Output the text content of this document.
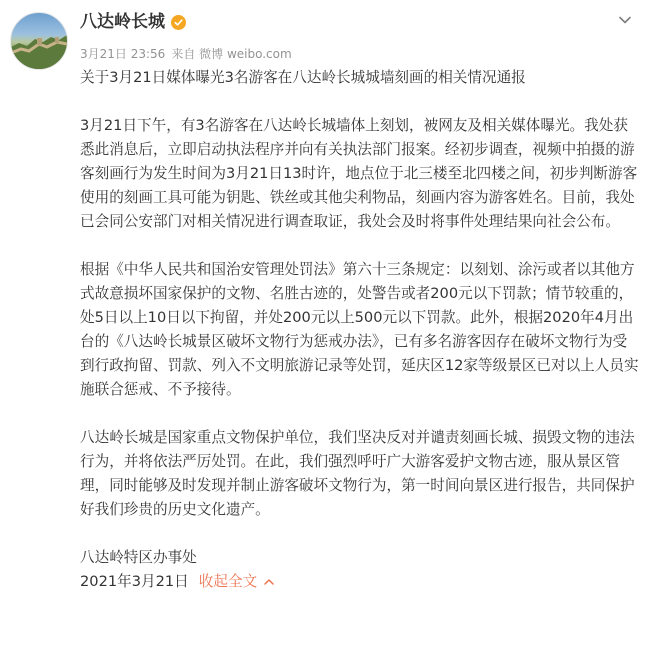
八达岭长城
3月21日 23:56 来自 微博 weibo.com

关于3月21日媒体曝光3名游客在八达岭长城城墙刻画的相关情况通报

3月21日下午，有3名游客在八达岭长城墙体上刻划，被网友及相关媒体曝光。我处获悉此消息后，立即启动执法程序并向有关执法部门报案。经初步调查，视频中拍摄的游客刻画行为发生时间为3月21日13时许，地点位于北三楼至北四楼之间，初步判断游客使用的刻画工具可能为钥匙、铁丝或其他尖利物品，刻画内容为游客姓名。目前，我处已会同公安部门对相关情况进行调查取证，我处会及时将事件处理结果向社会公布。

根据《中华人民共和国治安管理处罚法》第六十三条规定：以刻划、涂污或者以其他方式故意损坏国家保护的文物、名胜古迹的，处警告或者200元以下罚款；情节较重的，处5日以上10日以下拘留，并处200元以上500元以下罚款。此外，根据2020年4月出台的《八达岭长城景区破坏文物行为惩戒办法》，已有多名游客因存在破坏文物行为受到行政拘留、罚款、列入不文明旅游记录等处罚，延庆区12家等级景区已对以上人员实施联合惩戒、不予接待。

八达岭长城是国家重点文物保护单位，我们坚决反对并谴责刻画长城、损毁文物的违法行为，并将依法严厉处罚。在此，我们强烈呼吁广大游客爱护文物古迹，服从景区管理，同时能够及时发现并制止游客破坏文物行为，第一时间向景区进行报告，共同保护好我们珍贵的历史文化遗产。

八达岭特区办事处

2021年3月21日 收起全文
